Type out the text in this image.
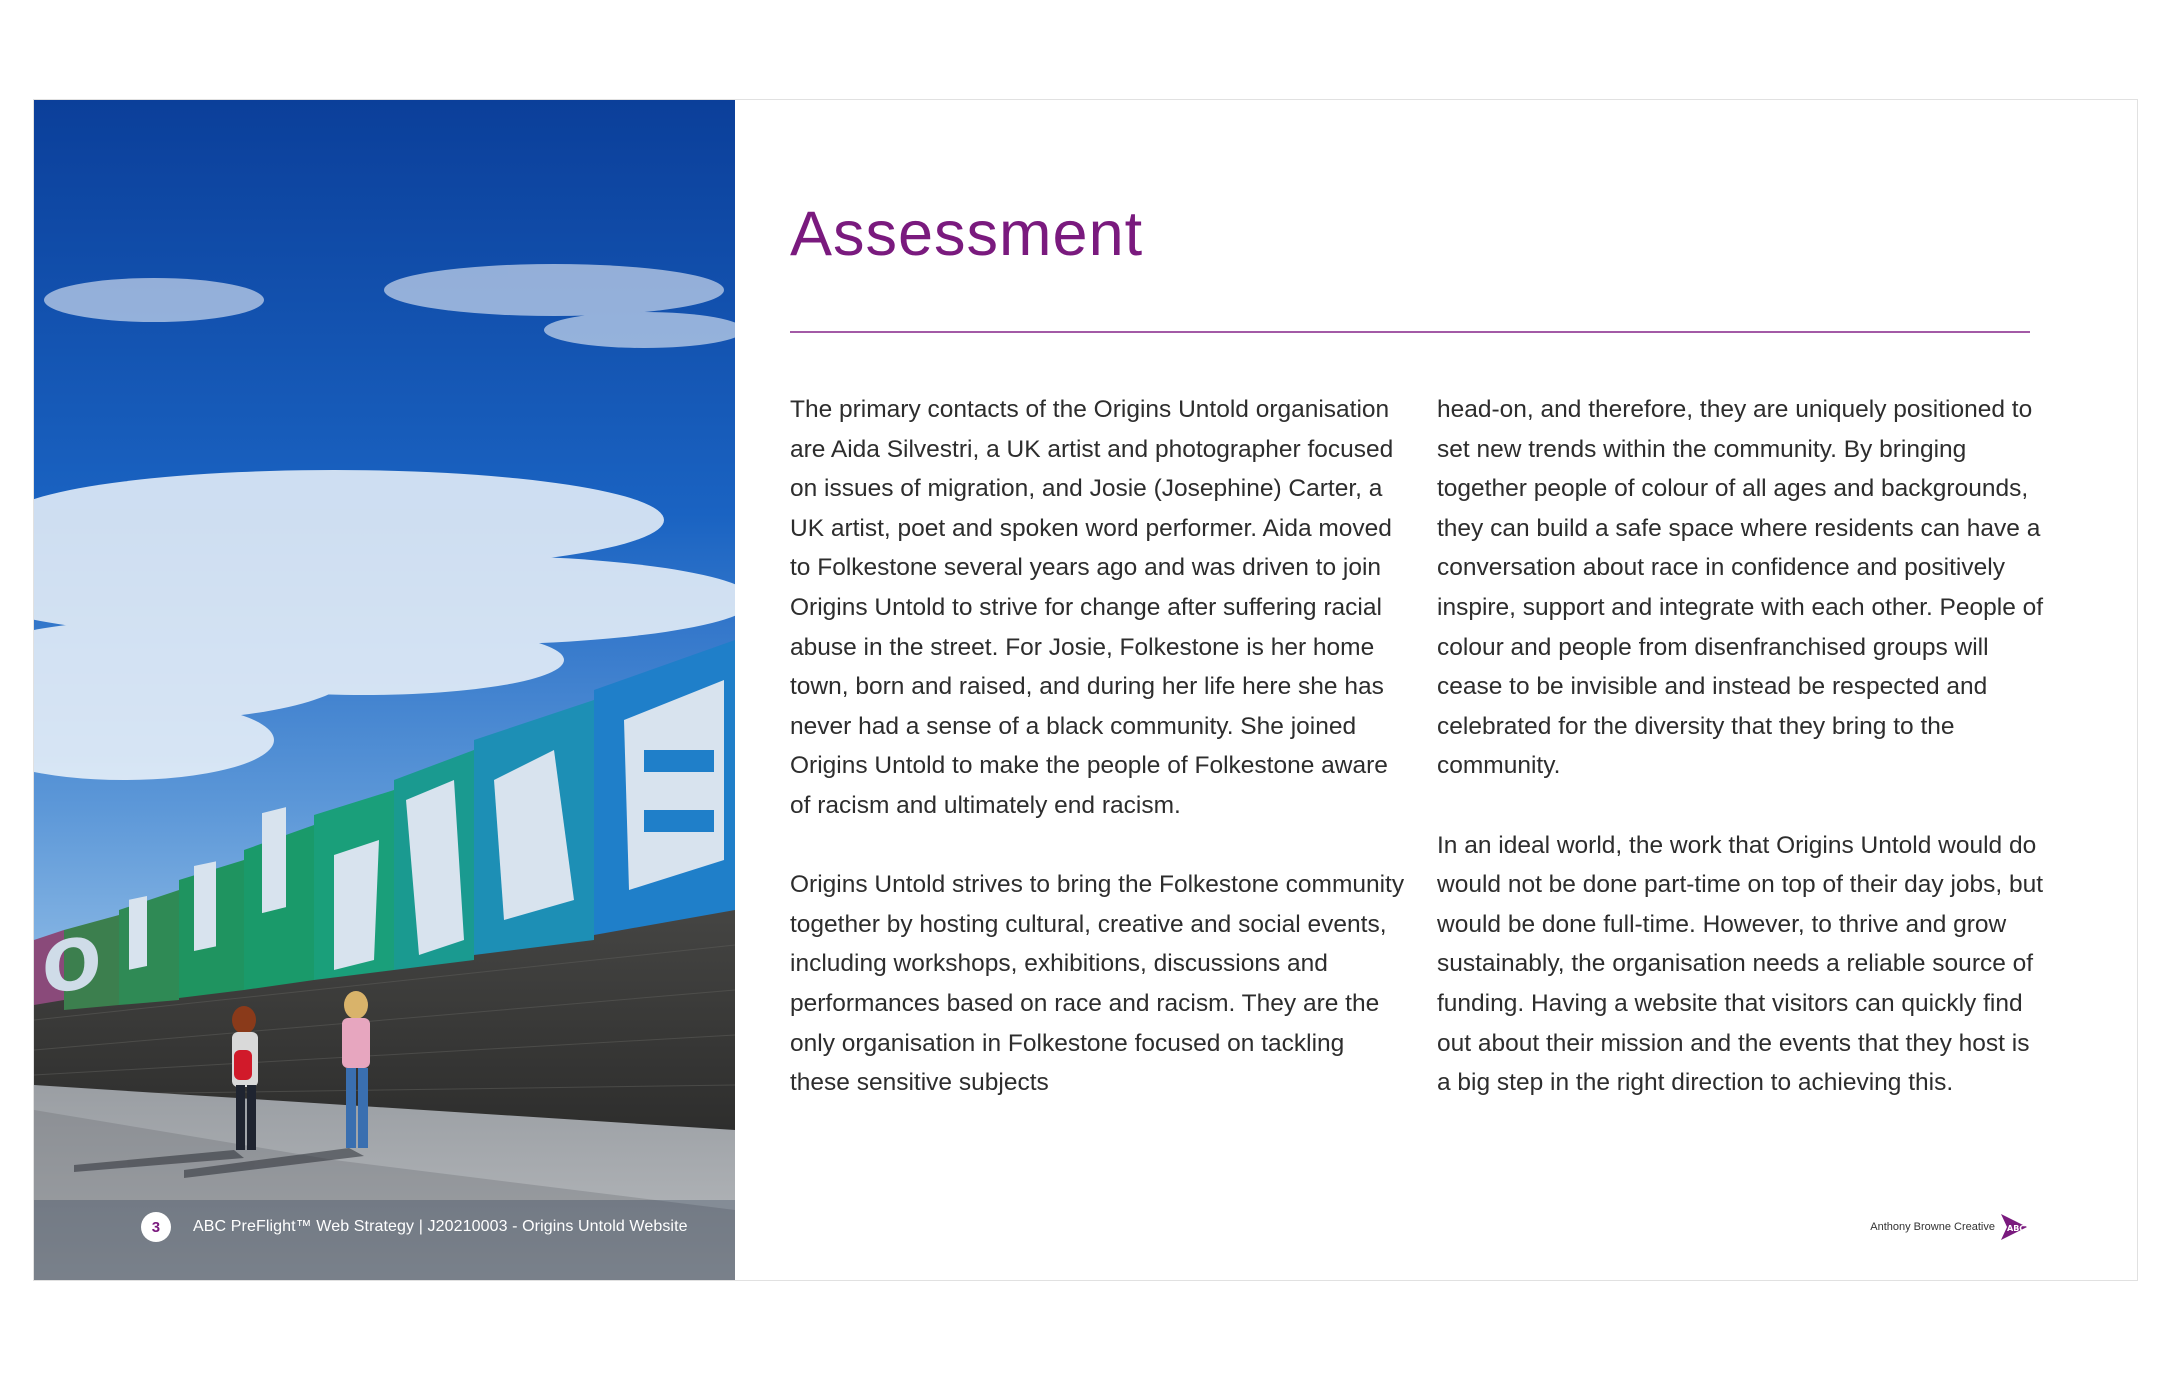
O
3	ABC PreFlight™ Web Strategy | J20210003 - Origins Untold Website
Assessment

The primary contacts of the Origins Untold organisation are Aida Silvestri, a UK artist and photographer focused on issues of migration, and Josie (Josephine) Carter, a UK artist, poet and spoken word performer. Aida moved to Folkestone several years ago and was driven to join Origins Untold to strive for change after suffering racial abuse in the street. For Josie, Folkestone is her home town, born and raised, and during her life here she has never had a sense of a black community. She joined Origins Untold to make the people of Folkestone aware of racism and ultimately end racism.

Origins Untold strives to bring the Folkestone community together by hosting cultural, creative and social events, including workshops, exhibitions, discussions and performances based on race and racism. They are the only organisation in Folkestone focused on tackling these sensitive subjects

head-on, and therefore, they are uniquely positioned to set new trends within the community. By bringing together people of colour of all ages and backgrounds, they can build a safe space where residents can have a conversation about race in confidence and positively inspire, support and integrate with each other. People of colour and people from disenfranchised groups will cease to be invisible and instead be respected and celebrated for the diversity that they bring to the community.

In an ideal world, the work that Origins Untold would do would not be done part-time on top of their day jobs, but would be done full-time. However, to thrive and grow sustainably, the organisation needs a reliable source of funding. Having a website that visitors can quickly find out about their mission and the events that they host is a big step in the right direction to achieving this.

Anthony Browne Creative ABC
